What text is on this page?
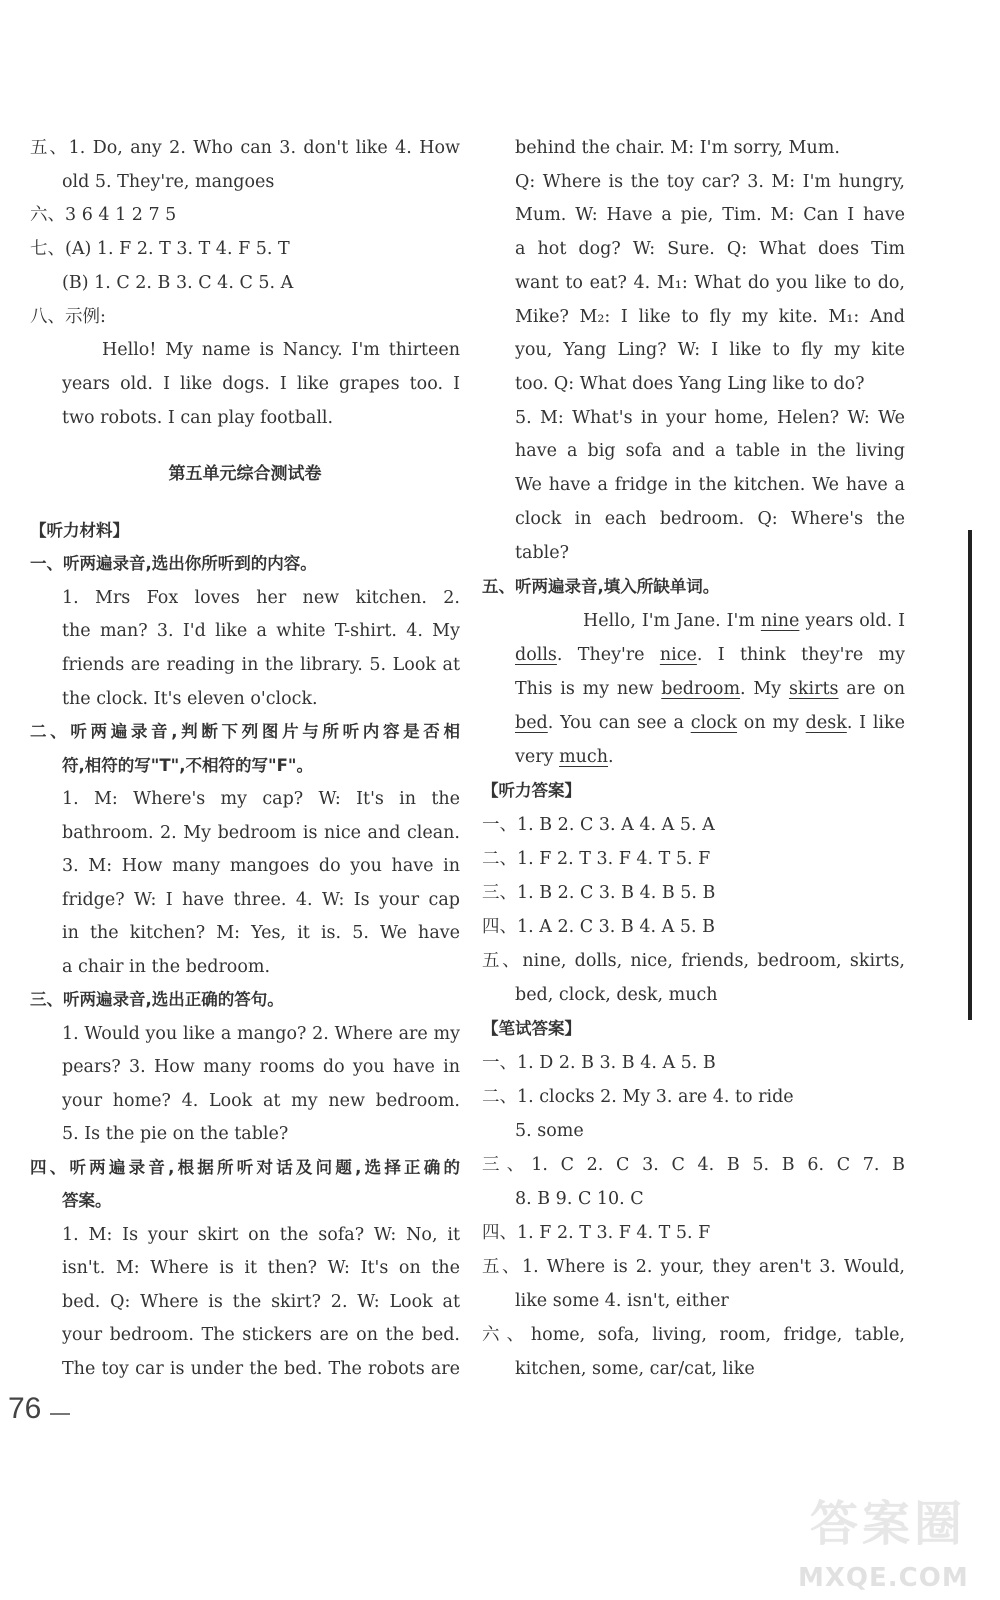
五、1. Do, any 2. Who can 3. don't like 4. How
old 5. They're, mangoes
六、3 6 4 1 2 7 5
七、(A) 1. F 2. T 3. T 4. F 5. T
(B) 1. C 2. B 3. C 4. C 5. A
八、示例:
Hello! My name is Nancy. I'm thirteen
years old. I like dogs. I like grapes too. I
two robots. I can play football.
第五单元综合测试卷
【听力材料】
一、听两遍录音,选出你所听到的内容。
1. Mrs Fox loves her new kitchen. 2.
the man? 3. I'd like a white T-shirt. 4. My
friends are reading in the library. 5. Look at
the clock. It's eleven o'clock.
二、听两遍录音,判断下列图片与所听内容是否相
符,相符的写"T",不相符的写"F"。
1. M: Where's my cap? W: It's in the
bathroom. 2. My bedroom is nice and clean.
3. M: How many mangoes do you have in
fridge? W: I have three. 4. W: Is your cap
in the kitchen? M: Yes, it is. 5. We have
a chair in the bedroom.
三、听两遍录音,选出正确的答句。
1. Would you like a mango? 2. Where are my
pears? 3. How many rooms do you have in
your home? 4. Look at my new bedroom.
5. Is the pie on the table?
四、听两遍录音,根据所听对话及问题,选择正确的
答案。
1. M: Is your skirt on the sofa? W: No, it
isn't. M: Where is it then? W: It's on the
bed. Q: Where is the skirt? 2. W: Look at
your bedroom. The stickers are on the bed.
The toy car is under the bed. The robots are
behind the chair. M: I'm sorry, Mum.
Q: Where is the toy car? 3. M: I'm hungry,
Mum. W: Have a pie, Tim. M: Can I have
a hot dog? W: Sure. Q: What does Tim
want to eat? 4. M₁: What do you like to do,
Mike? M₂: I like to fly my kite. M₁: And
you, Yang Ling? W: I like to fly my kite
too. Q: What does Yang Ling like to do?
5. M: What's in your home, Helen? W: We
have a big sofa and a table in the living
We have a fridge in the kitchen. We have a
clock in each bedroom. Q: Where's the
table?
五、听两遍录音,填入所缺单词。
Hello, I'm Jane. I'm nine years old. I
dolls. They're nice. I think they're my
This is my new bedroom. My skirts are on
bed. You can see a clock on my desk. I like
very much.
【听力答案】
一、1. B 2. C 3. A 4. A 5. A
二、1. F 2. T 3. F 4. T 5. F
三、1. B 2. C 3. B 4. B 5. B
四、1. A 2. C 3. B 4. A 5. B
五、nine, dolls, nice, friends, bedroom, skirts,
bed, clock, desk, much
【笔试答案】
一、1. D 2. B 3. B 4. A 5. B
二、1. clocks 2. My 3. are 4. to ride
5. some
三、1. C 2. C 3. C 4. B 5. B 6. C 7. B
8. B 9. C 10. C
四、1. F 2. T 3. F 4. T 5. F
五、1. Where is 2. your, they aren't 3. Would,
like some 4. isn't, either
六、home, sofa, living, room, fridge, table,
kitchen, some, car/cat, like
76
答案圈
MXQE.COM
